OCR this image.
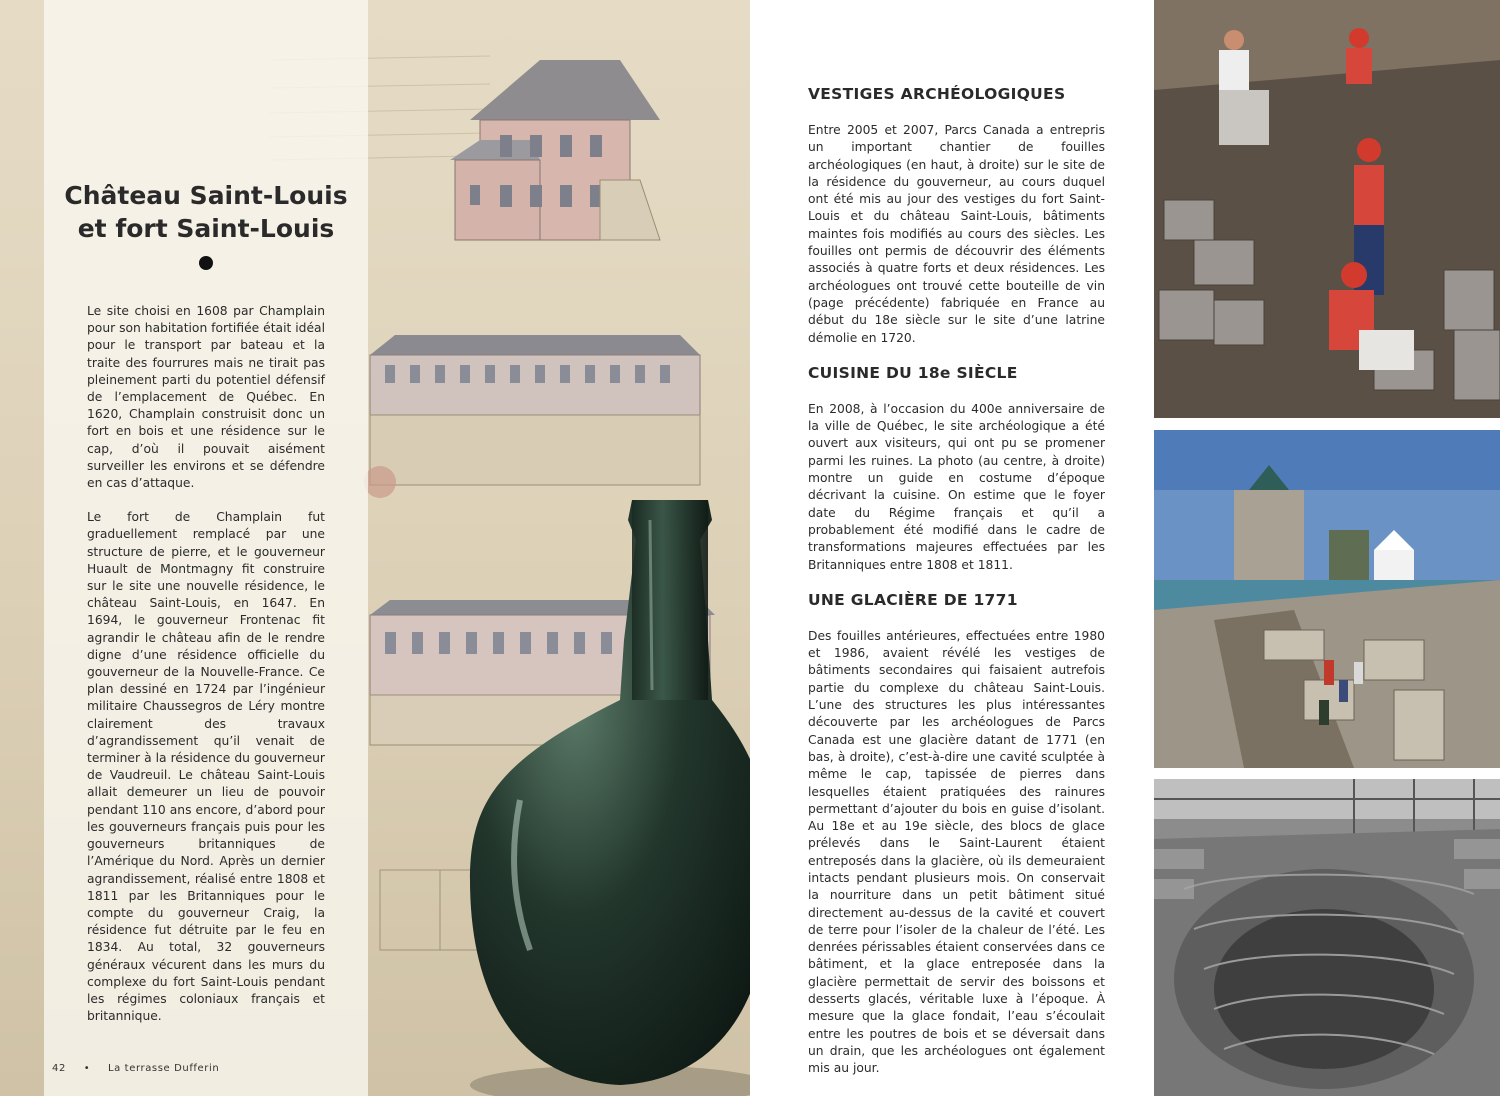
Château Saint-Louis
et fort Saint-Louis

Le site choisi en 1608 par Champlain pour son habitation fortifiée était idéal pour le transport par bateau et la traite des fourrures mais ne tirait pas pleinement parti du potentiel défensif de l’emplacement de Québec. En 1620, Champlain construisit donc un fort en bois et une résidence sur le cap, d’où il pouvait aisément surveiller les environs et se défendre en cas d’attaque.

Le fort de Champlain fut graduellement remplacé par une structure de pierre, et le gouverneur Huault de Montmagny fit construire sur le site une nouvelle résidence, le château Saint-Louis, en 1647. En 1694, le gouverneur Frontenac fit agrandir le château afin de le rendre digne d’une résidence officielle du gouverneur de la Nouvelle-France. Ce plan dessiné en 1724 par l’ingénieur militaire Chaussegros de Léry montre clairement des travaux d’agrandissement qu’il venait de terminer à la résidence du gouverneur de Vaudreuil. Le château Saint-Louis allait demeurer un lieu de pouvoir pendant 110 ans encore, d’abord pour les gouverneurs français puis pour les gouverneurs britanniques de l’Amérique du Nord. Après un dernier agrandissement, réalisé entre 1808 et 1811 par les Britanniques pour le compte du gouverneur Craig, la résidence fut détruite par le feu en 1834. Au total, 32 gouverneurs généraux vécurent dans les murs du complexe du fort Saint-Louis pendant les régimes coloniaux français et britannique.

42 • La terrasse Dufferin
VESTIGES ARCHÉOLOGIQUES

Entre 2005 et 2007, Parcs Canada a entrepris un important chantier de fouilles archéologiques (en haut, à droite) sur le site de la résidence du gouverneur, au cours duquel ont été mis au jour des vestiges du fort Saint-Louis et du château Saint-Louis, bâtiments maintes fois modifiés au cours des siècles. Les fouilles ont permis de découvrir des éléments associés à quatre forts et deux résidences. Les archéologues ont trouvé cette bouteille de vin (page précédente) fabriquée en France au début du 18e siècle sur le site d’une latrine démolie en 1720.

CUISINE DU 18e SIÈCLE

En 2008, à l’occasion du 400e anniversaire de la ville de Québec, le site archéologique a été ouvert aux visiteurs, qui ont pu se promener parmi les ruines. La photo (au centre, à droite) montre un guide en costume d’époque décrivant la cuisine. On estime que le foyer date du Régime français et qu’il a probablement été modifié dans le cadre de transformations majeures effectuées par les Britanniques entre 1808 et 1811.

UNE GLACIÈRE DE 1771

Des fouilles antérieures, effectuées entre 1980 et 1986, avaient révélé les vestiges de bâtiments secondaires qui faisaient autrefois partie du complexe du château Saint-Louis. L’une des structures les plus intéressantes découverte par les archéologues de Parcs Canada est une glacière datant de 1771 (en bas, à droite), c’est-à-dire une cavité sculptée à même le cap, tapissée de pierres dans lesquelles étaient pratiquées des rainures permettant d’ajouter du bois en guise d’isolant. Au 18e et au 19e siècle, des blocs de glace prélevés dans le Saint-Laurent étaient entreposés dans la glacière, où ils demeuraient intacts pendant plusieurs mois. On conservait la nourriture dans un petit bâtiment situé directement au-dessus de la cavité et couvert de terre pour l’isoler de la chaleur de l’été. Les denrées périssables étaient conservées dans ce bâtiment, et la glace entreposée dans la glacière permettait de servir des boissons et desserts glacés, véritable luxe à l’époque. À mesure que la glace fondait, l’eau s’écoulait entre les poutres de bois et se déversait dans un drain, que les archéologues ont également mis au jour.
